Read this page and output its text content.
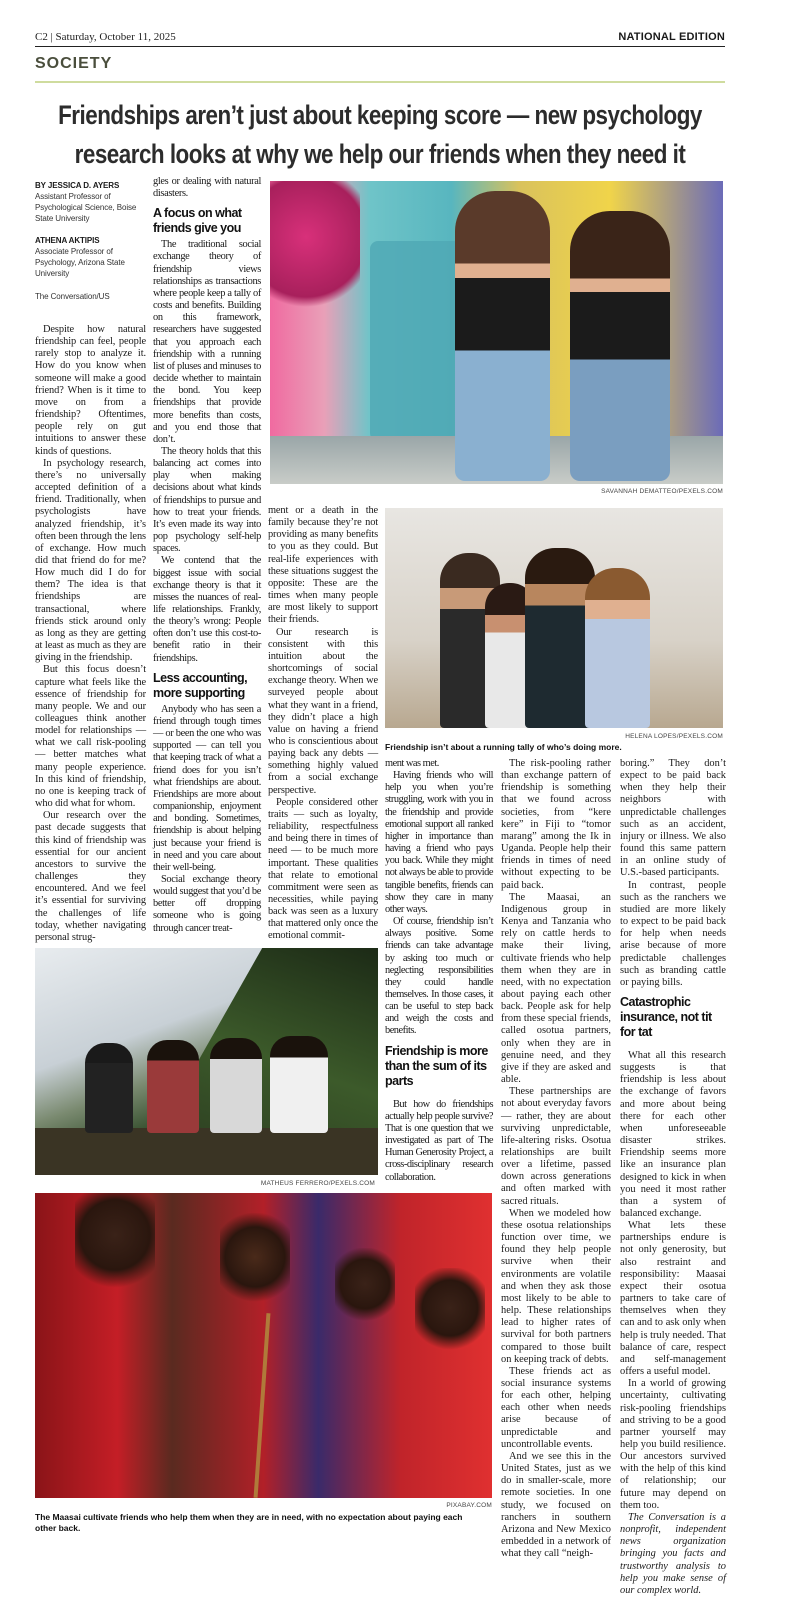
C2 | Saturday, October 11, 2025	NATIONAL EDITION
SOCIETY
Friendships aren’t just about keeping score — new psychology research looks at why we help our friends when they need it
BY JESSICA D. AYERS
Assistant Professor of Psychological Science, Boise State University
ATHENA AKTIPIS
Associate Professor of Psychology, Arizona State University
The Conversation/US

Despite how natural friendship can feel, people rarely stop to analyze it. How do you know when someone will make a good friend? When is it time to move on from a friendship? Oftentimes, people rely on gut intuitions to answer these kinds of questions.

In psychology research, there’s no universally accepted definition of a friend. Traditionally, when psychologists have analyzed friendship, it’s often been through the lens of exchange. How much did that friend do for me? How much did I do for them? The idea is that friendships are transactional, where friends stick around only as long as they are getting at least as much as they are giving in the friendship.

But this focus doesn’t capture what feels like the essence of friendship for many people. We and our colleagues think another model for relationships — what we call risk-pooling — better matches what many people experience. In this kind of friendship, no one is keeping track of who did what for whom.

Our research over the past decade suggests that this kind of friendship was essential for our ancient ancestors to survive the challenges they encountered. And we feel it’s essential for surviving the challenges of life today, whether navigating personal strug-

gles or dealing with natural disasters.

A focus on what friends give you

The traditional social exchange theory of friendship views relationships as transactions where people keep a tally of costs and benefits. Building on this framework, researchers have suggested that you approach each friendship with a running list of pluses and minuses to decide whether to maintain the bond. You keep friendships that provide more benefits than costs, and you end those that don’t.

The theory holds that this balancing act comes into play when making decisions about what kinds of friendships to pursue and how to treat your friends. It’s even made its way into pop psychology self-help spaces.

We contend that the biggest issue with social exchange theory is that it misses the nuances of real-life relationships. Frankly, the theory’s wrong: People often don’t use this cost-to-benefit ratio in their friendships.

Less accounting, more supporting

Anybody who has seen a friend through tough times — or been the one who was supported — can tell you that keeping track of what a friend does for you isn’t what friendships are about. Friendships are more about companionship, enjoyment and bonding. Sometimes, friendship is about helping just because your friend is in need and you care about their well-being.

Social exchange theory would suggest that you’d be better off dropping someone who is going through cancer treat-

ment or a death in the family because they’re not providing as many benefits to you as they could. But real-life experiences with these situations suggest the opposite: These are the times when many people are most likely to support their friends.

Our research is consistent with this intuition about the shortcomings of social exchange theory. When we surveyed people about what they want in a friend, they didn’t place a high value on having a friend who is conscientious about paying back any debts — something highly valued from a social exchange perspective.

People considered other traits — such as loyalty, reliability, respectfulness and being there in times of need — to be much more important. These qualities that relate to emotional commitment were seen as necessities, while paying back was seen as a luxury that mattered only once the emotional commit-

ment was met.

Having friends who will help you when you’re struggling, work with you in the friendship and provide emotional support all ranked higher in importance than having a friend who pays you back. While they might not always be able to provide tangible benefits, friends can show they care in many other ways.

Of course, friendship isn’t always positive. Some friends can take advantage by asking too much or neglecting responsibilities they could handle themselves. In those cases, it can be useful to step back and weigh the costs and benefits.

Friendship is more than the sum of its parts

But how do friendships actually help people survive? That is one question that we investigated as part of The Human Generosity Project, a cross-disciplinary research collaboration.

The risk-pooling rather than exchange pattern of friendship is something that we found across societies, from “kere kere” in Fiji to “tomor marang” among the Ik in Uganda. People help their friends in times of need without expecting to be paid back.

The Maasai, an Indigenous group in Kenya and Tanzania who rely on cattle herds to make their living, cultivate friends who help them when they are in need, with no expectation about paying each other back. People ask for help from these special friends, called osotua partners, only when they are in genuine need, and they give if they are asked and able.

These partnerships are not about everyday favors — rather, they are about surviving unpredictable, life-altering risks. Osotua relationships are built over a lifetime, passed down across generations and often marked with sacred rituals.

When we modeled how these osotua relationships function over time, we found they help people survive when their environments are volatile and when they ask those most likely to be able to help. These relationships lead to higher rates of survival for both partners compared to those built on keeping track of debts.

These friends act as social insurance systems for each other, helping each other when needs arise because of unpredictable and uncontrollable events.

And we see this in the United States, just as we do in smaller-scale, more remote societies. In one study, we focused on ranchers in southern Arizona and New Mexico embedded in a network of what they call “neigh-

boring.” They don’t expect to be paid back when they help their neighbors with unpredictable challenges such as an accident, injury or illness. We also found this same pattern in an online study of U.S.-based participants.

In contrast, people such as the ranchers we studied are more likely to expect to be paid back for help when needs arise because of more predictable challenges such as branding cattle or paying bills.

Catastrophic insurance, not tit for tat

What all this research suggests is that friendship is less about the exchange of favors and more about being there for each other when unforeseeable disaster strikes. Friendship seems more like an insurance plan designed to kick in when you need it most rather than a system of balanced exchange.

What lets these partnerships endure is not only generosity, but also restraint and responsibility: Maasai expect their osotua partners to take care of themselves when they can and to ask only when help is truly needed. That balance of care, respect and self-management offers a useful model.

In a world of growing uncertainty, cultivating risk-pooling friendships and striving to be a good partner yourself may help you build resilience. Our ancestors survived with the help of this kind of relationship; our future may depend on them too.

The Conversation is a nonprofit, independent news organization bringing you facts and trustworthy analysis to help you make sense of our complex world.

SAVANNAH DEMATTEO/PEXELS.COM
HELENA LOPES/PEXELS.COM
Friendship isn’t about a running tally of who’s doing more.
MATHEUS FERRERO/PEXELS.COM
PIXABAY.COM
The Maasai cultivate friends who help them when they are in need, with no expectation about paying each other back.
